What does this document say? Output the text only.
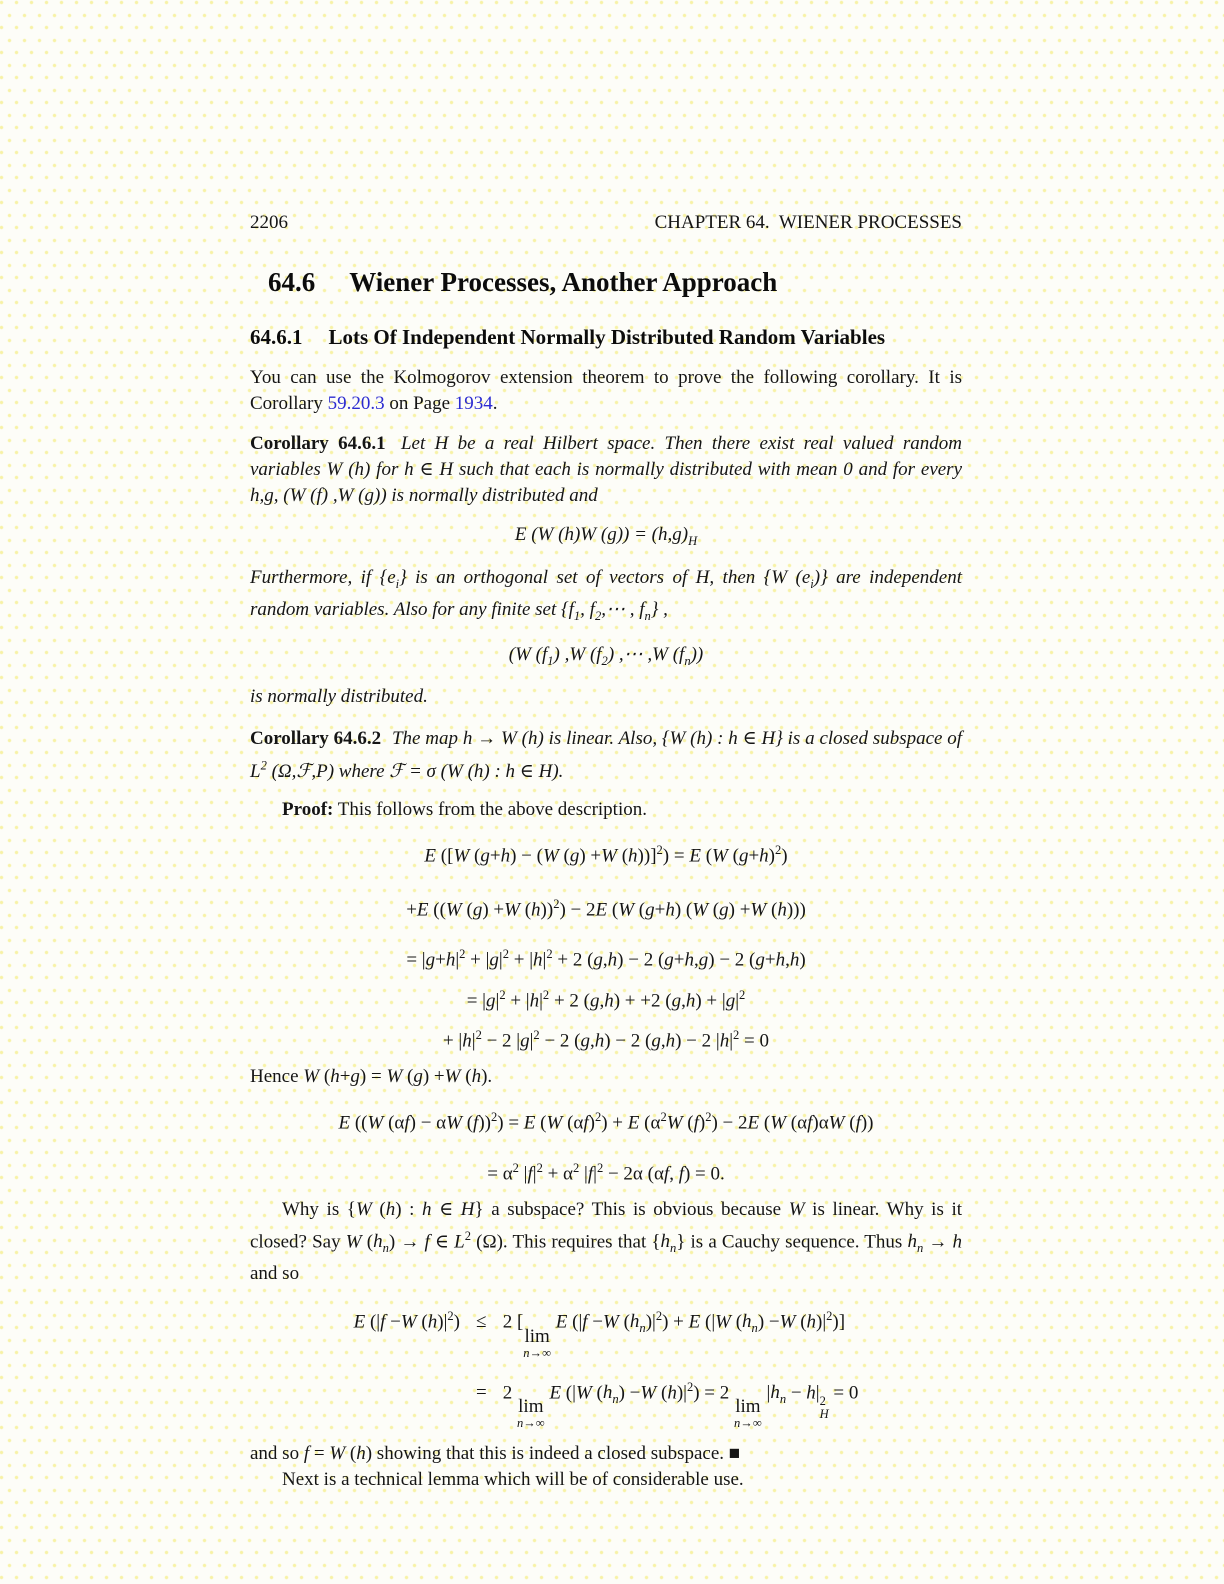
2206	CHAPTER 64.  WIENER PROCESSES
64.6 Wiener Processes, Another Approach
64.6.1 Lots Of Independent Normally Distributed Random Variables

You can use the Kolmogorov extension theorem to prove the following corollary. It is Corollary 59.20.3 on Page 1934.

Corollary 64.6.1 Let H be a real Hilbert space. Then there exist real valued random variables W (h) for h ∈ H such that each is normally distributed with mean 0 and for every h,g, (W (f) ,W (g)) is normally distributed and

E (W (h)W $(g)) = (h,g)_H$

Furthermore, if $\{e_i\}$ is an orthogonal set of vectors of H, then {W $(e_i)$} are independent random variables. Also for any finite set {$f_1$, $f_2,\cdots$ , $f_n$} ,

(W $(f_1)$ ,W $(f_2)$ ,⋯ ,W $(f_n)$)

is normally distributed.

Corollary 64.6.2 The map h → W (h) is linear. Also, {W (h) : h ∈ H} is a closed subspace of $L^2$ (Ω,ℱ,P) where ℱ = σ (W (h) : h ∈ H).

Proof: This follows from the above description.

E ([W (g+h) − (W (g) +W (h))]$^2$) = E (W $(g+h)^2$)
+E ((W (g) +W (h))$^2$) − 2E (W (g+h) (W (g) +W (h)))
= $|g+h|^2 + |g|^2 + |h|^2 + 2$ (g,h) − 2 (g+h,g) − 2 (g+h,h)
= $|g|^2 + |h|^2 + 2$ (g,h) + +2 $(g,h) + |g|^2$
+ $|h|^2 - 2$ $|g|^2 - 2$ (g,h) − 2 (g,h) − 2 $|h|^2 = 0$

Hence W (h+g) = W (g) +W (h).

E ((W (αf) − αW (f))$^2$) = E (W $(\alpha f)^2) + E$ ($\alpha^2W$ $(f)^2) - 2E$ (W (αf)αW (f))
= $\alpha^2$ $|f|^2 + \alpha^2$ $|f|^2 - 2\alpha$ (αf, f) = 0.

Why is {W (h) : h ∈ H} a subspace? This is obvious because W is linear. Why is it closed? Say W $(h_n) \to f$ ∈ $L^2$ (Ω). This requires that $\{h_n\}$ is a Cauchy sequence. Thus $h_n \to h$ and so

E (|f −W $(h)|^2) \le 2$ [
lim
n→∞
E (|f −W $(h_n)|^2) + E$ (|W $(h_n) -W$ $(h)|^2$)]
= 2
lim
n→∞
E (|W $(h_n) -W$ $(h)|^2) = 2$
lim
n→∞
$|h_n - h|$ 2
H
= 0

and so f = W (h) showing that this is indeed a closed subspace. ■

Next is a technical lemma which will be of considerable use.
